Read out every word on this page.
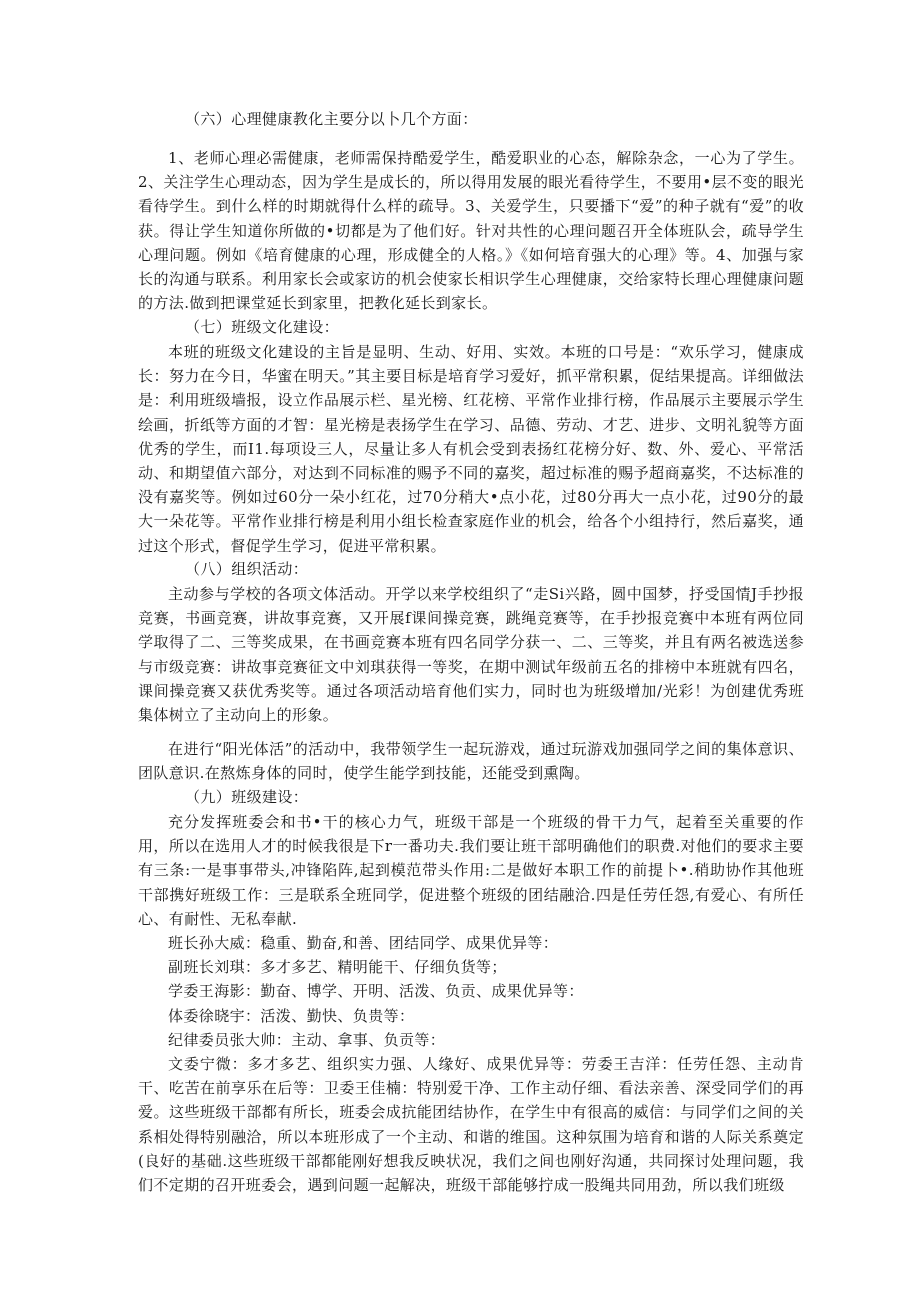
（六）心理健康教化主要分以卜几个方面：

1、老师心理必需健康，老师需保持酷爱学生，酷爱职业的心态，解除杂念，一心为了学生。2、关注学生心理动态，因为学生是成长的，所以得用发展的眼光看待学生，不要用•层不变的眼光看待学生。到什么样的时期就得什么样的疏导。3、关爱学生，只要播下“爱”的种子就有“爱”的收获。得让学生知道你所做的•切都是为了他们好。针对共性的心理问题召开全体班队会，疏导学生心理问题。例如《培育健康的心理，形成健全的人格。》《如何培育强大的心理》等。4、加强与家长的沟通与联系。利用家长会或家访的机会使家长相识学生心理健康，交给家特长理心理健康问题的方法.做到把课堂延长到家里，把教化延长到家长。

（七）班级文化建设：

本班的班级文化建设的主旨是显明、生动、好用、实效。本班的口号是：“欢乐学习，健康成长：努力在今日，华蜜在明天。”其主要目标是培育学习爱好，抓平常积累，促结果提高。详细做法是：利用班级墙报，设立作品展示栏、星光榜、红花榜、平常作业排行榜，作品展示主要展示学生绘画，折纸等方面的才智：星光榜是表扬学生在学习、品德、劳动、才艺、进步、文明礼貌等方面优秀的学生，而I1.每项设三人，尽量让多人有机会受到表扬红花榜分好、数、外、爱心、平常活动、和期望值六部分，对达到不同标准的赐予不同的嘉奖，超过标准的赐予超商嘉奖，不达标准的没有嘉奖等。例如过60分一朵小红花，过70分稍大•点小花，过80分再大一点小花，过90分的最大一朵花等。平常作业排行榜是利用小组长检查家庭作业的机会，给各个小组持行，然后嘉奖，通过这个形式，督促学生学习，促进平常积累。

（八）组织活动：

主动参与学校的各项文体活动。开学以来学校组织了“走Si兴路，圆中国梦，抒受国情J手抄报竞赛，书画竞赛，讲故事竞赛，又开展f课间操竞赛，跳绳竞赛等，在手抄报竞赛中本班有两位同学取得了二、三等奖成果，在书画竞赛本班有四名同学分获一、二、三等奖，并且有两名被选送参与市级竞赛：讲故事竞赛征文中刘琪获得一等奖，在期中测试年级前五名的排榜中本班就有四名，课间操竞赛又获优秀奖等。通过各项活动培育他们实力，同时也为班级增加/光彩！为创建优秀班集体树立了主动向上的形象。

在进行“阳光体活”的活动中，我带领学生一起玩游戏，通过玩游戏加强同学之间的集体意识、团队意识.在熬炼身体的同时，使学生能学到技能，还能受到熏陶。

（九）班级建设：

充分发挥班委会和书•干的核心力气，班级干部是一个班级的骨干力气，起着至关重要的作用，所以在选用人才的时候我很是下r一番功夫.我们要让班干部明确他们的职费.对他们的要求主要有三条:一是事事带头,冲锋陷阵,起到模范带头作用:二是做好本职工作的前提卜•.稍助协作其他班干部携好班级工作：三是联系全班同学，促进整个班级的团结融洽.四是任劳任怨,有爱心、有所任心、有耐性、无私奉献.

班长孙大威：稳重、勤奋,和善、团结同学、成果优异等：

副班长刘琪：多才多艺、精明能干、仔细负货等；

学委王海影：勤奋、博学、开明、活泼、负贡、成果优异等：

体委徐晓宇：活泼、勤快、负贵等：

纪律委员张大帅：主动、拿事、负贡等：

文委宁微：多才多艺、组织实力强、人缘好、成果优异等：劳委王吉洋：任劳任怨、主动肯干、吃苦在前享乐在后等：卫委王佳楠：特别爱干净、工作主动仔细、看法亲善、深受同学们的再爱。这些班级干部都有所长，班委会成抗能团结协作，在学生中有很高的威信：与同学们之间的关系相处得特别融洽，所以本班形成了一个主动、和谐的维国。这种氛围为培育和谐的人际关系奠定(良好的基础.这些班级干部都能刚好想我反映状况，我们之间也刚好沟通，共同探讨处理问题，我们不定期的召开班委会，遇到问题一起解决，班级干部能够拧成一股绳共同用劲，所以我们班级
